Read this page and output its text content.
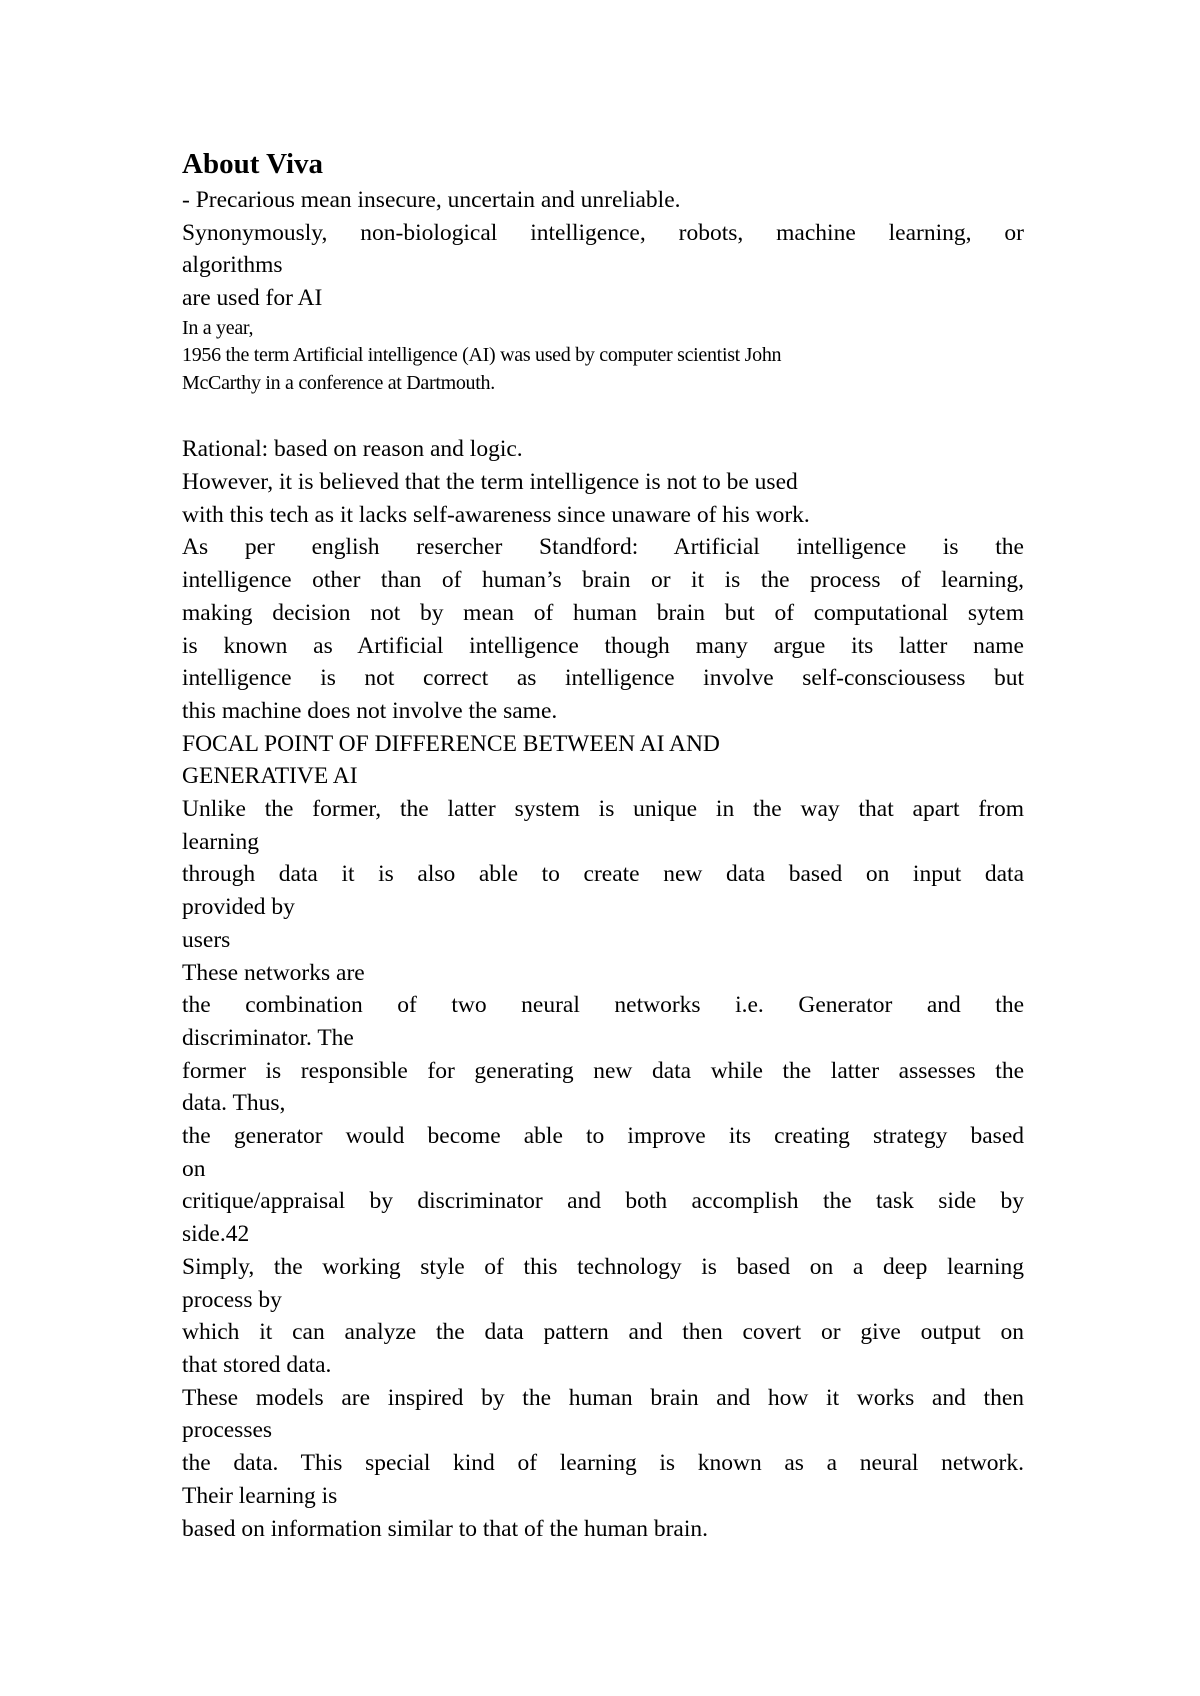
About Viva
- Precarious mean insecure, uncertain and unreliable.
Synonymously, non-biological intelligence, robots, machine learning, or
algorithms
are used for AI
In a year,
1956 the term Artificial intelligence (AI) was used by computer scientist John
McCarthy in a conference at Dartmouth.
Rational: based on reason and logic.
However, it is believed that the term intelligence is not to be used
with this tech as it lacks self-awareness since unaware of his work.
As per english resercher Standford: Artificial intelligence is the
intelligence other than of human’s brain or it is the process of learning,
making decision not by mean of human brain but of computational sytem
is known as Artificial intelligence though many argue its latter name
intelligence is not correct as intelligence involve self-consciousess but
this machine does not involve the same.
FOCAL POINT OF DIFFERENCE BETWEEN AI AND
GENERATIVE AI
Unlike the former, the latter system is unique in the way that apart from
learning
through data it is also able to create new data based on input data
provided by
users
These networks are
the combination of two neural networks i.e. Generator and the
discriminator. The
former is responsible for generating new data while the latter assesses the
data. Thus,
the generator would become able to improve its creating strategy based
on
critique/appraisal by discriminator and both accomplish the task side by
side.42
Simply, the working style of this technology is based on a deep learning
process by
which it can analyze the data pattern and then covert or give output on
that stored data.
These models are inspired by the human brain and how it works and then
processes
the data. This special kind of learning is known as a neural network.
Their learning is
based on information similar to that of the human brain.
